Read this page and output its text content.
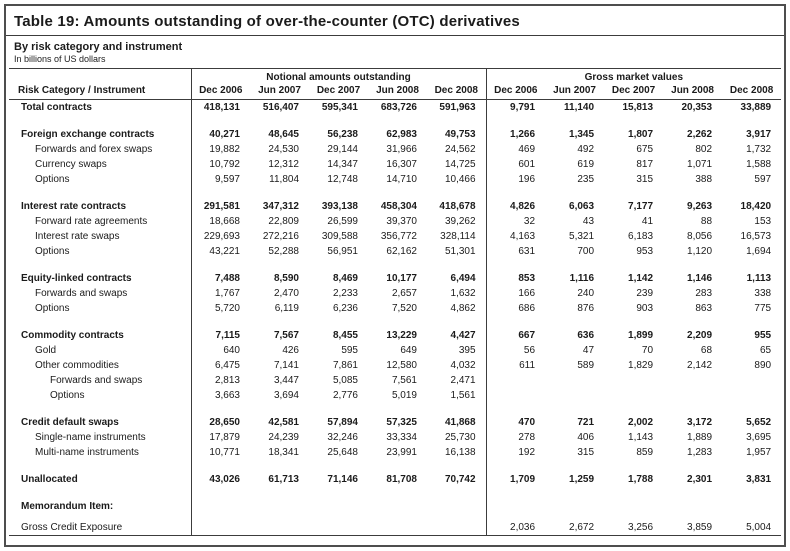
Table 19: Amounts outstanding of over-the-counter (OTC) derivatives
By risk category and instrument
In billions of US dollars
Risk Category / Instrument	Notional amounts outstanding					Gross market values				
	Dec 2006	Jun 2007	Dec 2007	Jun 2008	Dec 2008	Dec 2006	Jun 2007	Dec 2007	Jun 2008	Dec 2008
Total contracts	418,131	516,407	595,341	683,726	591,963	9,791	11,140	15,813	20,353	33,889

Foreign exchange contracts	40,271	48,645	56,238	62,983	49,753	1,266	1,345	1,807	2,262	3,917
Forwards and forex swaps	19,882	24,530	29,144	31,966	24,562	469	492	675	802	1,732
Currency swaps	10,792	12,312	14,347	16,307	14,725	601	619	817	1,071	1,588
Options	9,597	11,804	12,748	14,710	10,466	196	235	315	388	597

Interest rate contracts	291,581	347,312	393,138	458,304	418,678	4,826	6,063	7,177	9,263	18,420
Forward rate agreements	18,668	22,809	26,599	39,370	39,262	32	43	41	88	153
Interest rate swaps	229,693	272,216	309,588	356,772	328,114	4,163	5,321	6,183	8,056	16,573
Options	43,221	52,288	56,951	62,162	51,301	631	700	953	1,120	1,694

Equity-linked contracts	7,488	8,590	8,469	10,177	6,494	853	1,116	1,142	1,146	1,113
Forwards and swaps	1,767	2,470	2,233	2,657	1,632	166	240	239	283	338
Options	5,720	6,119	6,236	7,520	4,862	686	876	903	863	775

Commodity contracts	7,115	7,567	8,455	13,229	4,427	667	636	1,899	2,209	955
Gold	640	426	595	649	395	56	47	70	68	65
Other commodities	6,475	7,141	7,861	12,580	4,032	611	589	1,829	2,142	890
Forwards and swaps	2,813	3,447	5,085	7,561	2,471					
Options	3,663	3,694	2,776	5,019	1,561					

Credit default swaps	28,650	42,581	57,894	57,325	41,868	470	721	2,002	3,172	5,652
Single-name instruments	17,879	24,239	32,246	33,334	25,730	278	406	1,143	1,889	3,695
Multi-name instruments	10,771	18,341	25,648	23,991	16,138	192	315	859	1,283	1,957

Unallocated	43,026	61,713	71,146	81,708	70,742	1,709	1,259	1,788	2,301	3,831

Memorandum Item:										

Gross Credit Exposure						2,036	2,672	3,256	3,859	5,004
